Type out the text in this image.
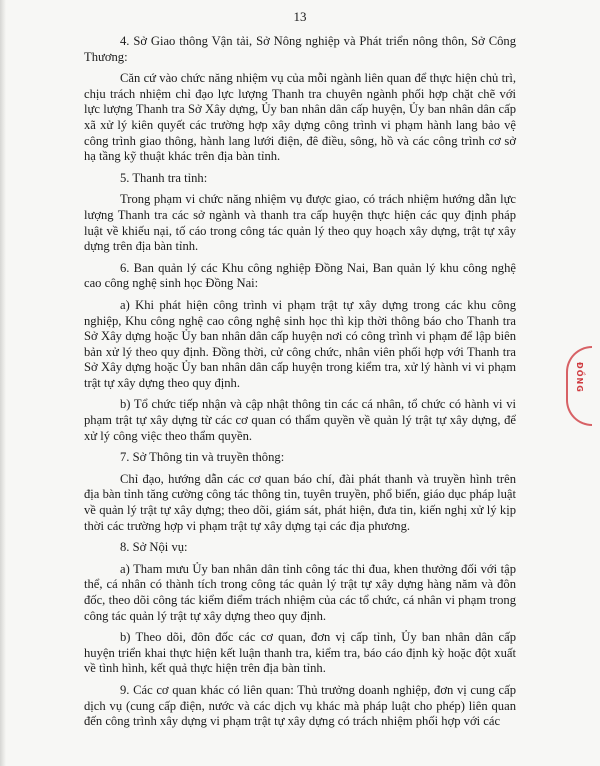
13

4. Sở Giao thông Vận tải, Sở Nông nghiệp và Phát triển nông thôn, Sở Công Thương:

Căn cứ vào chức năng nhiệm vụ của mỗi ngành liên quan để thực hiện chủ trì, chịu trách nhiệm chỉ đạo lực lượng Thanh tra chuyên ngành phối hợp chặt chẽ với lực lượng Thanh tra Sở Xây dựng, Ủy ban nhân dân cấp huyện, Ủy ban nhân dân cấp xã xử lý kiên quyết các trường hợp xây dựng công trình vi phạm hành lang bảo vệ công trình giao thông, hành lang lưới điện, đê điều, sông, hồ và các công trình cơ sở hạ tầng kỹ thuật khác trên địa bàn tỉnh.

5. Thanh tra tỉnh:

Trong phạm vi chức năng nhiệm vụ được giao, có trách nhiệm hướng dẫn lực lượng Thanh tra các sở ngành và thanh tra cấp huyện thực hiện các quy định pháp luật về khiếu nại, tố cáo trong công tác quản lý theo quy hoạch xây dựng, trật tự xây dựng trên địa bàn tỉnh.

6. Ban quản lý các Khu công nghiệp Đồng Nai, Ban quản lý khu công nghệ cao công nghệ sinh học Đồng Nai:

a) Khi phát hiện công trình vi phạm trật tự xây dựng trong các khu công nghiệp, Khu công nghệ cao công nghệ sinh học thì kịp thời thông báo cho Thanh tra Sở Xây dựng hoặc Ủy ban nhân dân cấp huyện nơi có công trình vi phạm để lập biên bản xử lý theo quy định. Đồng thời, cử công chức, nhân viên phối hợp với Thanh tra Sở Xây dựng hoặc Ủy ban nhân dân cấp huyện trong kiểm tra, xử lý hành vi vi phạm trật tự xây dựng theo quy định.

b) Tổ chức tiếp nhận và cập nhật thông tin các cá nhân, tổ chức có hành vi vi phạm trật tự xây dựng từ các cơ quan có thẩm quyền về quản lý trật tự xây dựng, để xử lý công việc theo thẩm quyền.

7. Sở Thông tin và truyền thông:

Chỉ đạo, hướng dẫn các cơ quan báo chí, đài phát thanh và truyền hình trên địa bàn tỉnh tăng cường công tác thông tin, tuyên truyền, phổ biến, giáo dục pháp luật về quản lý trật tự xây dựng; theo dõi, giám sát, phát hiện, đưa tin, kiến nghị xử lý kịp thời các trường hợp vi phạm trật tự xây dựng tại các địa phương.

8. Sở Nội vụ:

a) Tham mưu Ủy ban nhân dân tỉnh công tác thi đua, khen thưởng đối với tập thể, cá nhân có thành tích trong công tác quản lý trật tự xây dựng hàng năm và đôn đốc, theo dõi công tác kiểm điểm trách nhiệm của các tổ chức, cá nhân vi phạm trong công tác quản lý trật tự xây dựng theo quy định.

b) Theo dõi, đôn đốc các cơ quan, đơn vị cấp tỉnh, Ủy ban nhân dân cấp huyện triển khai thực hiện kết luận thanh tra, kiểm tra, báo cáo định kỳ hoặc đột xuất về tình hình, kết quả thực hiện trên địa bàn tỉnh.

9. Các cơ quan khác có liên quan: Thủ trưởng doanh nghiệp, đơn vị cung cấp dịch vụ (cung cấp điện, nước và các dịch vụ khác mà pháp luật cho phép) liên quan đến công trình xây dựng vi phạm trật tự xây dựng có trách nhiệm phối hợp với các

ĐỒNG
